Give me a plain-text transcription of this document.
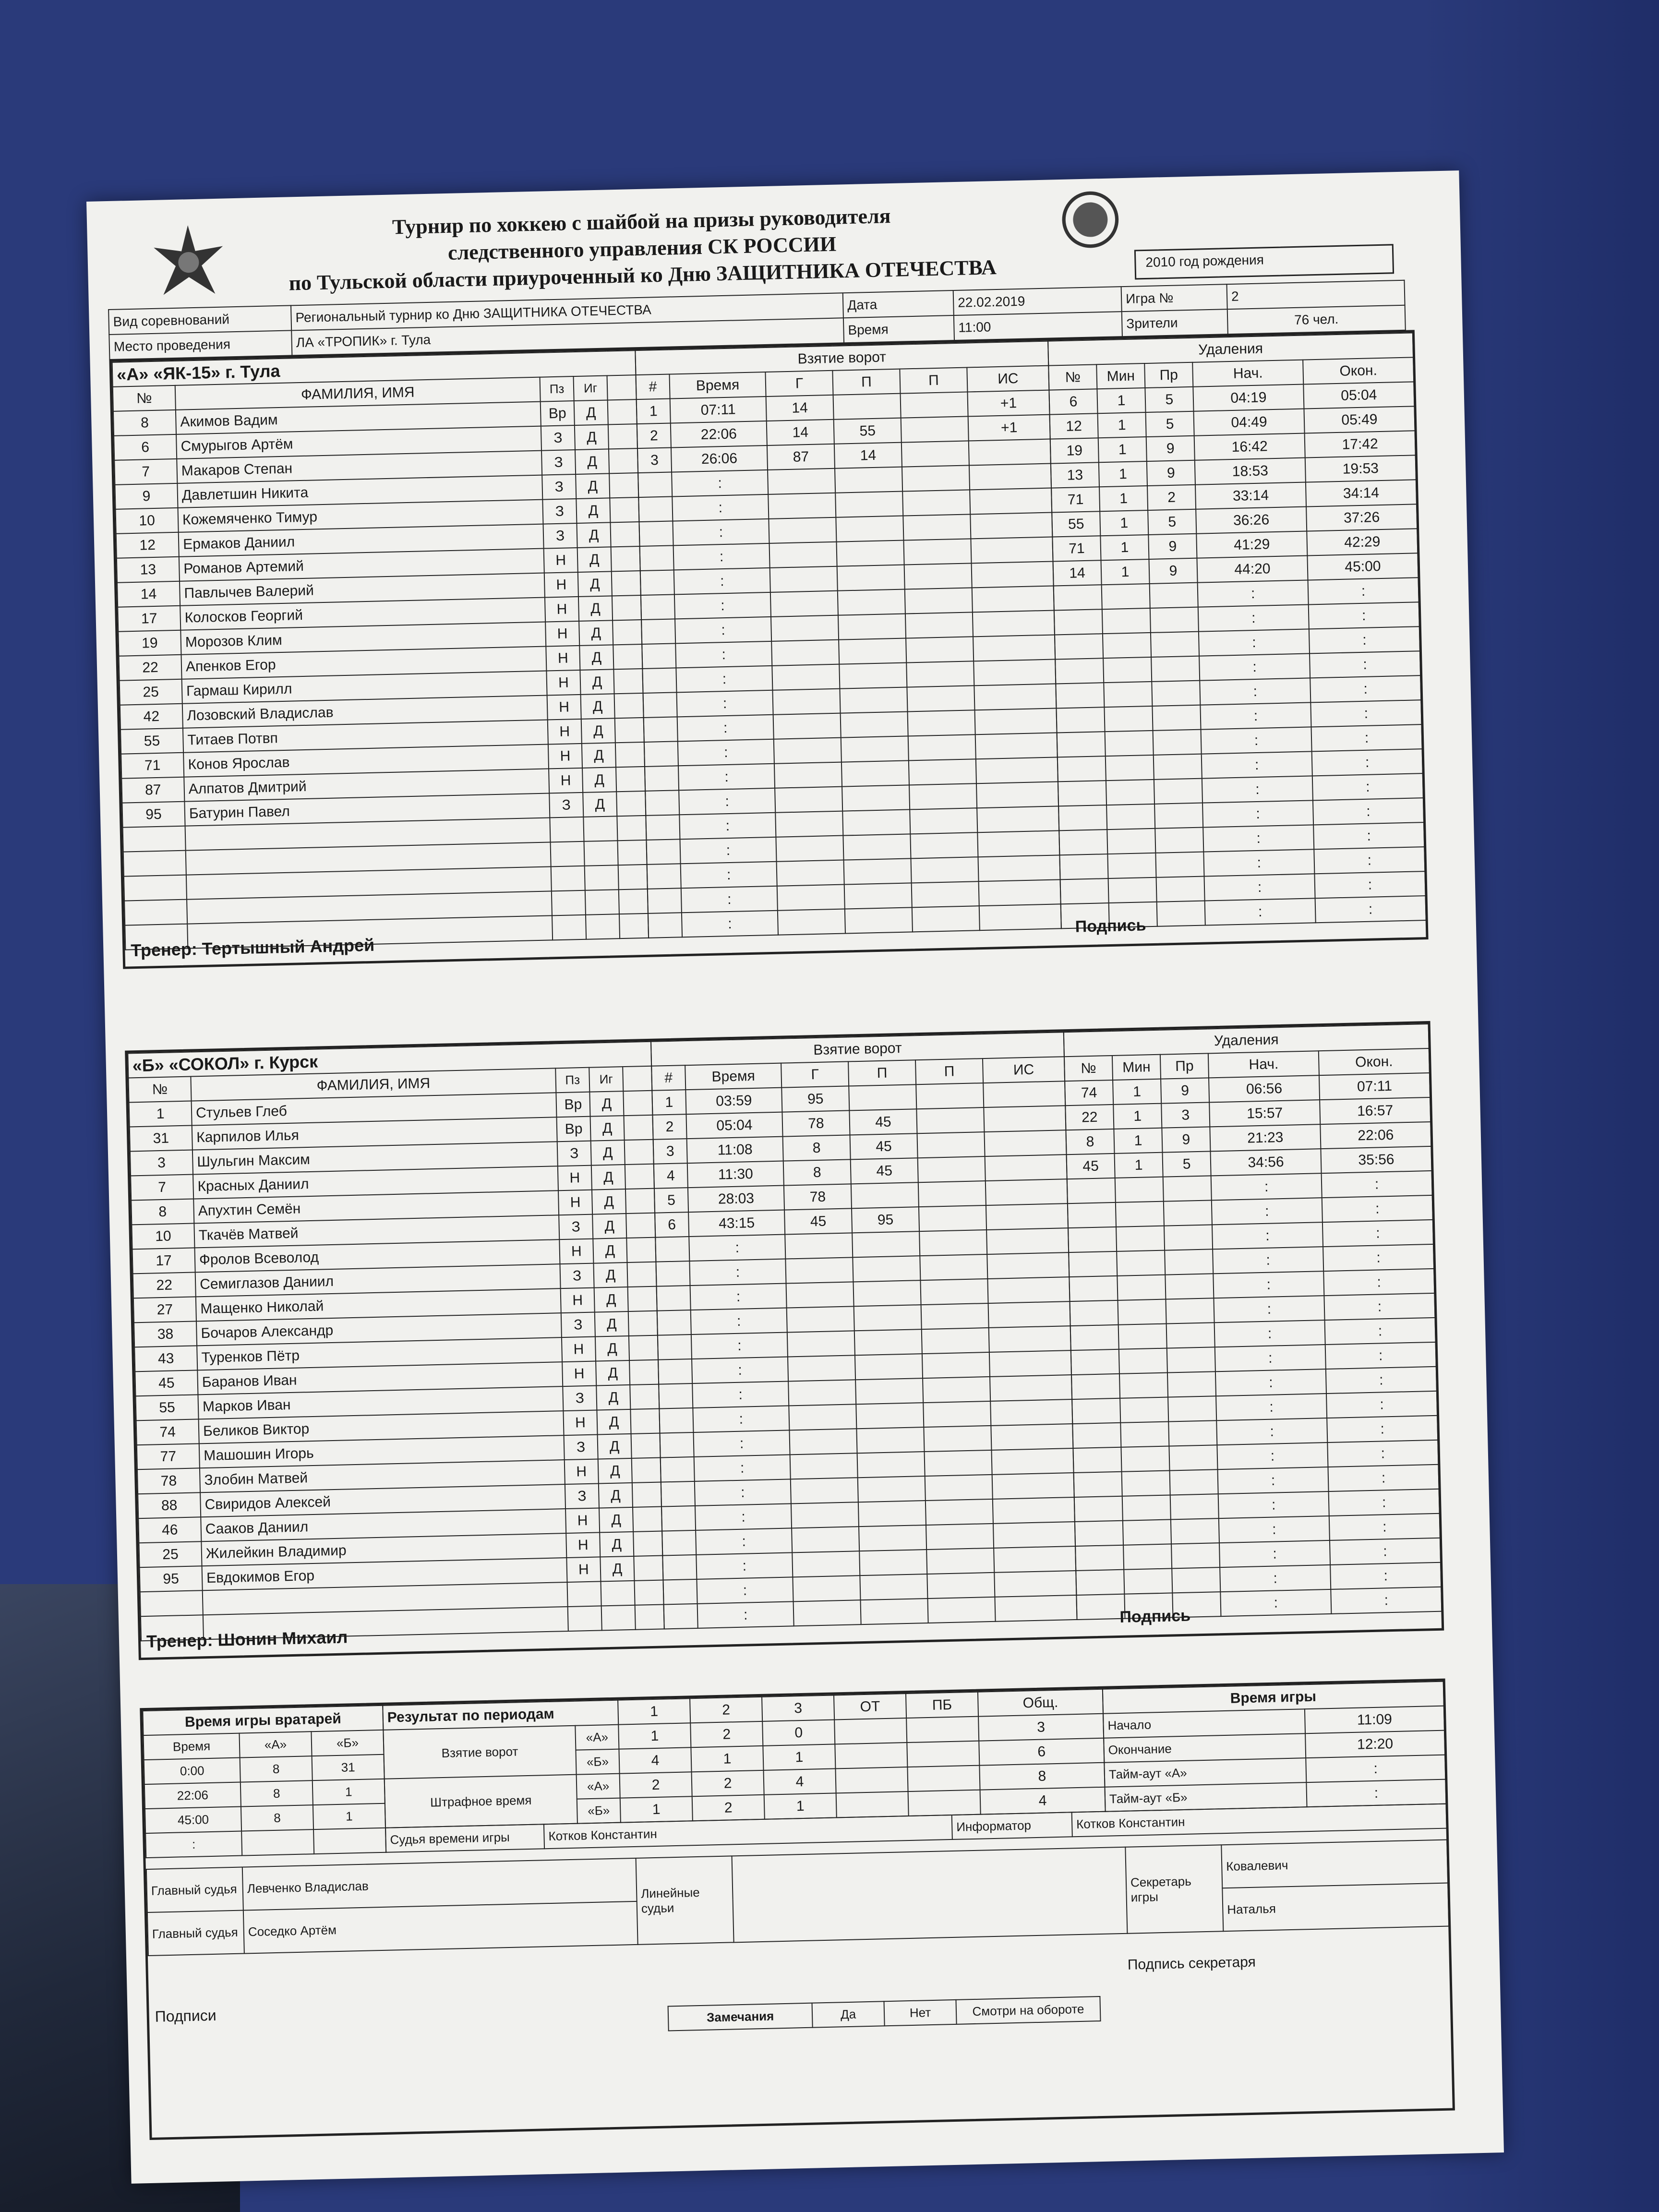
Турнир по хоккею с шайбой на призы руководителя
следственного управления СК РОССИИ
по Тульской области приуроченный ко Дню ЗАЩИТНИКА ОТЕЧЕСТВА	2010 год рождения
Вид соревнований	Региональный турнир ко Дню ЗАЩИТНИКА ОТЕЧЕСТВА	Дата	22.02.2019	Игра №	2
Место проведения	ЛА «ТРОПИК» г. Тула	Время	11:00	Зрители	76 чел.
«А» «ЯК-15» г. Тула				
№	ФАМИЛИЯ, ИМЯ	Пз	Иг	
8	Акимов Вадим	Вр	Д	
6	Смурыгов Артём	З	Д	
7	Макаров Степан	З	Д	
9	Давлетшин Никита	З	Д	
10	Кожемяченко Тимур	З	Д	
12	Ермаков Даниил	З	Д	
13	Романов Артемий	Н	Д	
14	Павлычев Валерий	Н	Д	
17	Колосков Георгий	Н	Д	
19	Морозов Клим	Н	Д	
22	Апенков Егор	Н	Д	
25	Гармаш Кирилл	Н	Д	
42	Лозовский Владислав	Н	Д	
55	Титаев Потвп	Н	Д	
71	Конов Ярослав	Н	Д	
87	Алпатов Дмитрий	Н	Д	
95	Батурин Павел	З	Д	

Взятие ворот					
#	Время	Г	П	П	ИС
1	07:11	14			+1
2	22:06	14	55		+1
3	26:06	87	14		
	:				
	:				
	:				
	:				
	:				
	:				
	:				
	:				
	:				
	:				
	:				
	:				
	:				
	:				
	:				
	:				
	:				
	:				
	:				
Удаления				
№	Мин	Пр	Нач.	Окон.
6	1	5	04:19	05:04
12	1	5	04:49	05:49
19	1	9	16:42	17:42
13	1	9	18:53	19:53
71	1	2	33:14	34:14
55	1	5	36:26	37:26
71	1	9	41:29	42:29
14	1	9	44:20	45:00
			:	:
			:	:
			:	:
			:	:
			:	:
			:	:
			:	:
			:	:
			:	:
			:	:
			:	:
			:	:
			:	:
			:	:
Тренер: Тертышный Андрей
Подпись
«Б» «СОКОЛ» г. Курск				
№	ФАМИЛИЯ, ИМЯ	Пз	Иг	
1	Стульев Глеб	Вр	Д	
31	Карпилов Илья	Вр	Д	
3	Шульгин Максим	З	Д	
7	Красных Даниил	Н	Д	
8	Апухтин Семён	Н	Д	
10	Ткачёв Матвей	З	Д	
17	Фролов Всеволод	Н	Д	
22	Семиглазов Даниил	З	Д	
27	Мащенко Николай	Н	Д	
38	Бочаров Александр	З	Д	
43	Туренков Пётр	Н	Д	
45	Баранов Иван	Н	Д	
55	Марков Иван	З	Д	
74	Беликов Виктор	Н	Д	
77	Машошин Игорь	З	Д	
78	Злобин Матвей	Н	Д	
88	Свиридов Алексей	З	Д	
46	Сааков Даниил	Н	Д	
25	Жилейкин Владимир	Н	Д	
95	Евдокимов Егор	Н	Д	

Взятие ворот					
#	Время	Г	П	П	ИС
1	03:59	95			
2	05:04	78	45		
3	11:08	8	45		
4	11:30	8	45		
5	28:03	78			
6	43:15	45	95		
	:				
	:				
	:				
	:				
	:				
	:				
	:				
	:				
	:				
	:				
	:				
	:				
	:				
	:				
	:				
	:				
Удаления				
№	Мин	Пр	Нач.	Окон.
74	1	9	06:56	07:11
22	1	3	15:57	16:57
8	1	9	21:23	22:06
45	1	5	34:56	35:56
			:	:
			:	:
			:	:
			:	:
			:	:
			:	:
			:	:
			:	:
			:	:
			:	:
			:	:
			:	:
			:	:
			:	:
			:	:
			:	:
			:	:
			:	:
Тренер: Шонин Михаил
Подпись
Время игры вратарей		
Время	«А»	«Б»
0:00	8	31
22:06	8	1
45:00	8	1
:		
Результат по периодам		1	2	3	ОТ	ПБ	Общ.
Взятие ворот	«А»	1	2	0			3
	«Б»	4	1	1			6
Штрафное время	«А»	2	2	4			8
	«Б»	1	2	1			4
Время игры	
Начало	11:09
Окончание	12:20
Тайм-аут «А»	:
Тайм-аут «Б»	:
Судья времени игры	Котков Константин	Информатор	Котков Константин
Главный судья	Левченко Владислав	Линейные судьи		Секретарь игры	Ковалевич
Главный судья	Соседко Артём				Наталья
Подписи
Подпись секретаря
Замечания	Да	Нет	Смотри на обороте
